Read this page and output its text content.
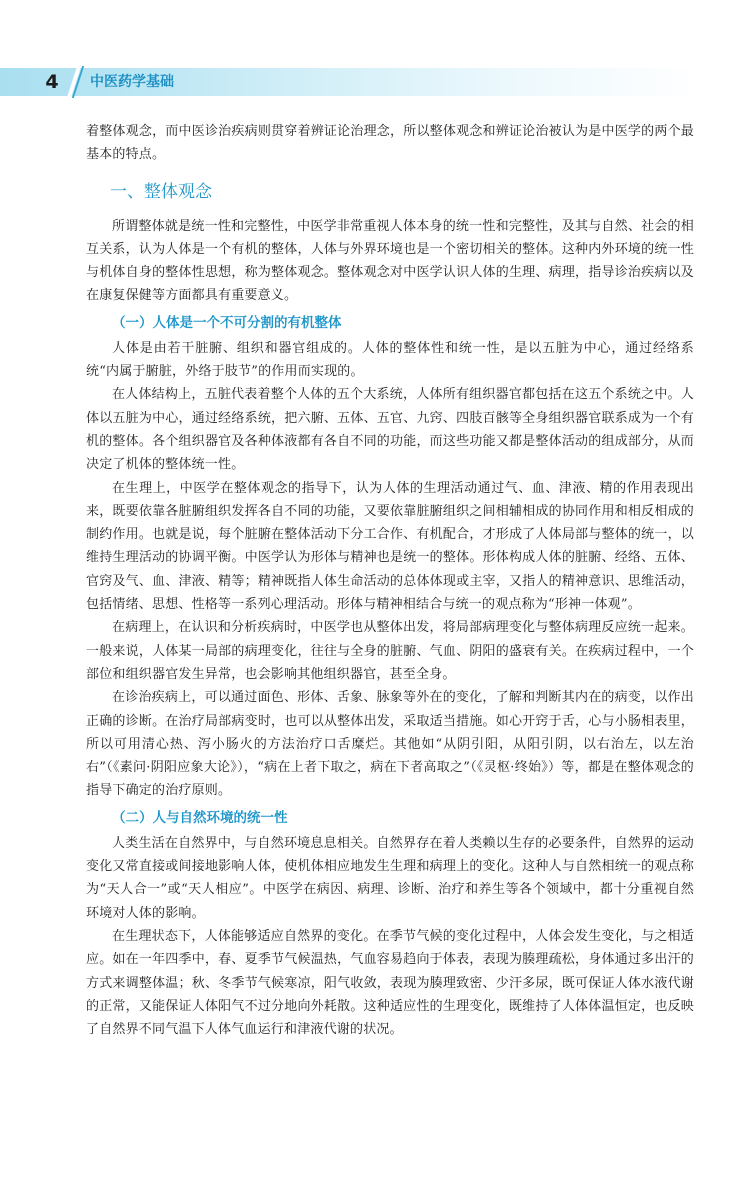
4	中医药学基础

着整体观念，而中医诊治疾病则贯穿着辨证论治理念，所以整体观念和辨证论治被认为是中医学的两个最基本的特点。

一、整体观念

所谓整体就是统一性和完整性，中医学非常重视人体本身的统一性和完整性，及其与自然、社会的相互关系，认为人体是一个有机的整体，人体与外界环境也是一个密切相关的整体。这种内外环境的统一性与机体自身的整体性思想，称为整体观念。整体观念对中医学认识人体的生理、病理，指导诊治疾病以及在康复保健等方面都具有重要意义。

（一）人体是一个不可分割的有机整体

人体是由若干脏腑、组织和器官组成的。人体的整体性和统一性，是以五脏为中心，通过经络系统“内属于腑脏，外络于肢节”的作用而实现的。

在人体结构上，五脏代表着整个人体的五个大系统，人体所有组织器官都包括在这五个系统之中。人体以五脏为中心，通过经络系统，把六腑、五体、五官、九窍、四肢百骸等全身组织器官联系成为一个有机的整体。各个组织器官及各种体液都有各自不同的功能，而这些功能又都是整体活动的组成部分，从而决定了机体的整体统一性。

在生理上，中医学在整体观念的指导下，认为人体的生理活动通过气、血、津液、精的作用表现出来，既要依靠各脏腑组织发挥各自不同的功能，又要依靠脏腑组织之间相辅相成的协同作用和相反相成的制约作用。也就是说，每个脏腑在整体活动下分工合作、有机配合，才形成了人体局部与整体的统一，以维持生理活动的协调平衡。中医学认为形体与精神也是统一的整体。形体构成人体的脏腑、经络、五体、官窍及气、血、津液、精等；精神既指人体生命活动的总体体现或主宰，又指人的精神意识、思维活动，包括情绪、思想、性格等一系列心理活动。形体与精神相结合与统一的观点称为“形神一体观”。

在病理上，在认识和分析疾病时，中医学也从整体出发，将局部病理变化与整体病理反应统一起来。一般来说，人体某一局部的病理变化，往往与全身的脏腑、气血、阴阳的盛衰有关。在疾病过程中，一个部位和组织器官发生异常，也会影响其他组织器官，甚至全身。

在诊治疾病上，可以通过面色、形体、舌象、脉象等外在的变化，了解和判断其内在的病变，以作出正确的诊断。在治疗局部病变时，也可以从整体出发，采取适当措施。如心开窍于舌，心与小肠相表里，所以可用清心热、泻小肠火的方法治疗口舌糜烂。其他如“从阴引阳，从阳引阴，以右治左，以左治右”（《素问·阴阳应象大论》），“病在上者下取之，病在下者高取之”（《灵枢·终始》）等，都是在整体观念的指导下确定的治疗原则。

（二）人与自然环境的统一性

人类生活在自然界中，与自然环境息息相关。自然界存在着人类赖以生存的必要条件，自然界的运动变化又常直接或间接地影响人体，使机体相应地发生生理和病理上的变化。这种人与自然相统一的观点称为“天人合一”或“天人相应”。中医学在病因、病理、诊断、治疗和养生等各个领域中，都十分重视自然环境对人体的影响。

在生理状态下，人体能够适应自然界的变化。在季节气候的变化过程中，人体会发生变化，与之相适应。如在一年四季中，春、夏季节气候温热，气血容易趋向于体表，表现为腠理疏松，身体通过多出汗的方式来调整体温；秋、冬季节气候寒凉，阳气收敛，表现为腠理致密、少汗多尿，既可保证人体水液代谢的正常，又能保证人体阳气不过分地向外耗散。这种适应性的生理变化，既维持了人体体温恒定，也反映了自然界不同气温下人体气血运行和津液代谢的状况。
